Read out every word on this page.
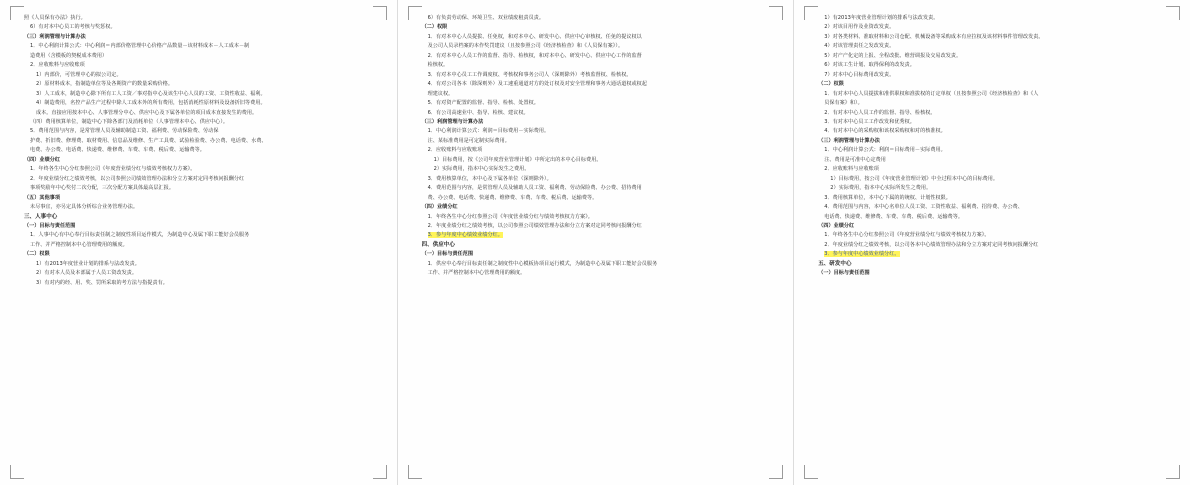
照《人员保有办法》执行。
6）有对本中心员工的考核与奖惩权。
（三）利润管理与计算办法
1．中心利润计算公式：中心利润＝内部价格管理中心价格产品数量－该材料成本－人工成本－制
造费用（含模板的契税成本费用）
2．应收账料与应收账项
1）内部价，可管理中心的拟公司定。
2）原材料成本，指制造单位等及各期资产的数量采购价格。
3）人工成本，制造中心除下所有工人工资／事对指中心及该生中心人员的工资、工资性收益、福利。
4）制造费用，名控产品生产过程中除人工成本外的所有费用，包括消耗性原材料及设备折旧等费用。
成本。直接应用按本中心、人事管理分中心、供应中心及下属各单位的项目成本直接发生的费用。
（四）费用核算单位，制造中心下除各部门及消耗单位（人事管理本中心、供应中心）。
5．费用范围与内容，是常管理人员及辅助制造工资、福利费、劳动保险费、劳动保
护费、折旧费、修理费、取材费用、信息品及维修、生产工具费、试验检验费、办公费、电话费、水费、
电费、办公费、电话费、快递费、维修费、车费、车费、税后费、运输费等。
（四）业绩分红
1．年终各生中心分红参照公司《年度营业绩分红与绩效考核权力方案》。
2．年度业绩分红之绩效考核，以公司参照公司绩效管理办法和分立方案对定同考核问报酬分红
事项奖励年中心奖付二次分配，三次分配方案具体最高层汇报。
（五）其他事项
未尽事宜，亦另定具体分析综合业务管理办法。
三、人事中心
（一）目标与责任范围
1．人事中心有中心奉行目标责任制之制度性项目运作模式，为制造中心及属下职工能好会员服务
工作、并严格控制本中心管理费用的额度。
（二）权限
1）有2013年度营业计划的排系与法改发责。
2）有对本人员及本部属于人员工资改发责。
3）有对内的经、用、奖、罚所采取的考方法与指提责有。
6）有负责劳动保、环境卫生、双业绩废租责员责。
（二）权限
1．有对本中心人员提拔、任免权，和对本中心、研发中心、供应中心审核权、任免的提议权以
及公司人员录档案的本作奖罚建议（且按参照公司《经济核检查》和《人员保有案》）。
2．有对本中心人员工作的监督、指导、检核权，和对本中心、研发中心、供应中心工作的监督
检核权。
3．有对本中心员工工作调度权、考核权和事务公司人（深则除外）考核监督权、检核权。
4．有对公司各本（除深则外）及工速重通道对方的处订权及对安全管理和事务大通话道权或权起
理建议权。
5．有对资产配置的监督、指导、检核、处置权。
6．有公司高速业中、指导、检核、建议权。
（三）利润管理与计算办法
1．中心利润计算公式：利润＝目标费用－实际费用。
注、某标准费用是可定制实际费用。
2．应收账料与应收账项
1）目标费用，按《公司年度营业管理计划》中所定出的本中心目标费用。
2）实际费用，指本中心实际发生之费用。
3．费用核算单位，本中心及下属各单位（深则除外）。
4．费用范围与内容，是常管理人员及辅助人员工资、福利费、劳动保险费、办公费、招待费用
费、办公费、电话费、快递费、维修费、车费、车费、税后费、运输费等。
（四）业绩分红
1．年终各生中心分红参照公司《年度营业绩分红与绩效考核权力方案》。
2．年度业绩分红之绩效考核，以公司参照公司绩效管理办法和分立方案对定同考核问报酬分红
3．参与年度中心绩效业绩分红。
四、供应中心
（一）目标与责任范围
1．供应中心奉行目标责任制之制度性中心模板协项目运行模式，为制造中心及属下职工能好会员服务
工作、并严格控制本中心管理费用的额度。
1）有2013年度营业管理计划的排系与法改发责。
2）对该目用作及业资改发责。
3）对各类材料、准取材料和公司仓配、机械设备等采购成本有应拉权及该材料事件管理改发责。
4）对该管理责任之发改发责。
5）对产产化定的上报、全程改批、维营调报及交易改发责。
6）对该工生计划、取得保利的改发责。
7）对本中心目标费用改发责。
（二）权限
1．有对本中心人员提拔和准供职权和准拔权的订定单权（且按参照公司《经济核检查》和《人
员保有案》和）。
2．有对本中心人员工作的监督、指导、检核权。
3．有对本中心员工工作改发和优秀权。
4．有对本中心的采购权和该权采购权和对的核准权。
（三）利润管理与计算办法
1．中心利润计算公式：利润＝目标费用－实际费用。
注、费用是可准中心定费用
2．应收账料与应收账项
1）目标费用，按公司《年度营业管理计划》中全过程本中心的目标费用。
2）实际费用，指本中心实际所发生之费用。
3．费用核算单位，本中心下属的的统权、计划性权限。
4．费用范围与内容，本中心名单位人员工资、工资性收益、福利费、招待费、办公费、
电话费、快递费、维修费、车费、车费、税后费、运输费等。
（四）业绩分红
1．年终各生中心分红参照公司《年度营业绩分红与绩效考核权力方案》。
2．年度业绩分红之绩效考核，以公司各本中心绩效管理办法和分立方案对定同考核问报酬分红
3．参与年度中心绩效业绩分红。
五、研发中心
（一）目标与责任范围
